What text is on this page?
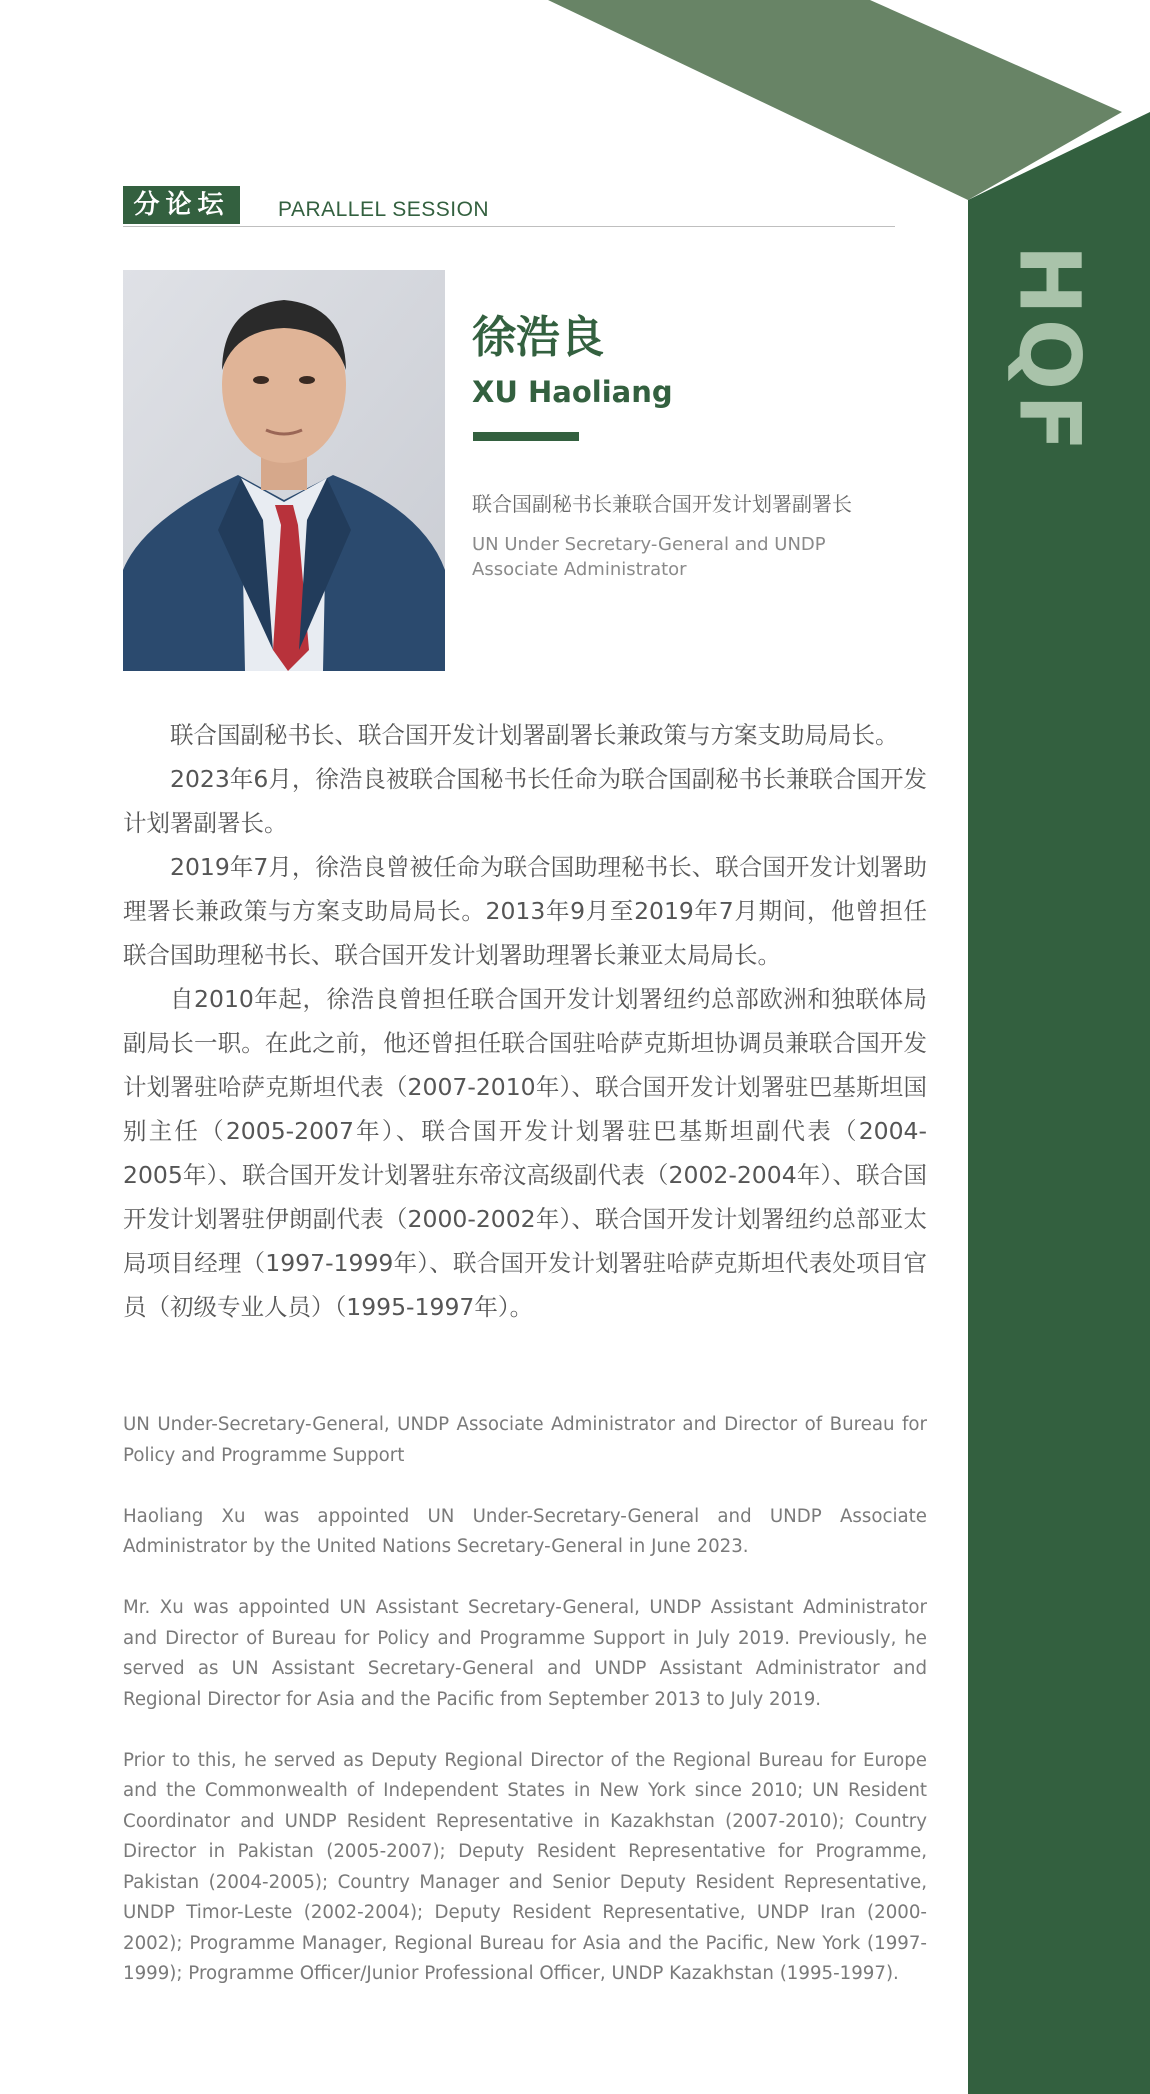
HQF
分论坛	PARALLEL SESSION
徐浩良
XU Haoliang
联合国副秘书长兼联合国开发计划署副署长
UN Under Secretary-General and UNDP Associate Administrator

联合国副秘书长、联合国开发计划署副署长兼政策与方案支助局局长。

2023年6月，徐浩良被联合国秘书长任命为联合国副秘书长兼联合国开发计划署副署长。

2019年7月，徐浩良曾被任命为联合国助理秘书长、联合国开发计划署助理署长兼政策与方案支助局局长。2013年9月至2019年7月期间，他曾担任联合国助理秘书长、联合国开发计划署助理署长兼亚太局局长。

自2010年起，徐浩良曾担任联合国开发计划署纽约总部欧洲和独联体局副局长一职。在此之前，他还曾担任联合国驻哈萨克斯坦协调员兼联合国开发计划署驻哈萨克斯坦代表（2007-2010年）、联合国开发计划署驻巴基斯坦国别主任（2005-2007年）、联合国开发计划署驻巴基斯坦副代表（2004-2005年）、联合国开发计划署驻东帝汶高级副代表（2002-2004年）、联合国开发计划署驻伊朗副代表（2000-2002年）、联合国开发计划署纽约总部亚太局项目经理（1997-1999年）、联合国开发计划署驻哈萨克斯坦代表处项目官员（初级专业人员）（1995-1997年）。

UN Under-Secretary-General, UNDP Associate Administrator and Director of Bureau for Policy and Programme Support

Haoliang Xu was appointed UN Under-Secretary-General and UNDP Associate Administrator by the United Nations Secretary-General in June 2023.

Mr. Xu was appointed UN Assistant Secretary-General, UNDP Assistant Administrator and Director of Bureau for Policy and Programme Support in July 2019. Previously, he served as UN Assistant Secretary-General and UNDP Assistant Administrator and Regional Director for Asia and the Pacific from September 2013 to July 2019.

Prior to this, he served as Deputy Regional Director of the Regional Bureau for Europe and the Commonwealth of Independent States in New York since 2010; UN Resident Coordinator and UNDP Resident Representative in Kazakhstan (2007-2010); Country Director in Pakistan (2005-2007); Deputy Resident Representative for Programme, Pakistan (2004-2005); Country Manager and Senior Deputy Resident Representative, UNDP Timor-Leste (2002-2004); Deputy Resident Representative, UNDP Iran (2000-2002); Programme Manager, Regional Bureau for Asia and the Pacific, New York (1997-1999); Programme Officer/Junior Professional Officer, UNDP Kazakhstan (1995-1997).
